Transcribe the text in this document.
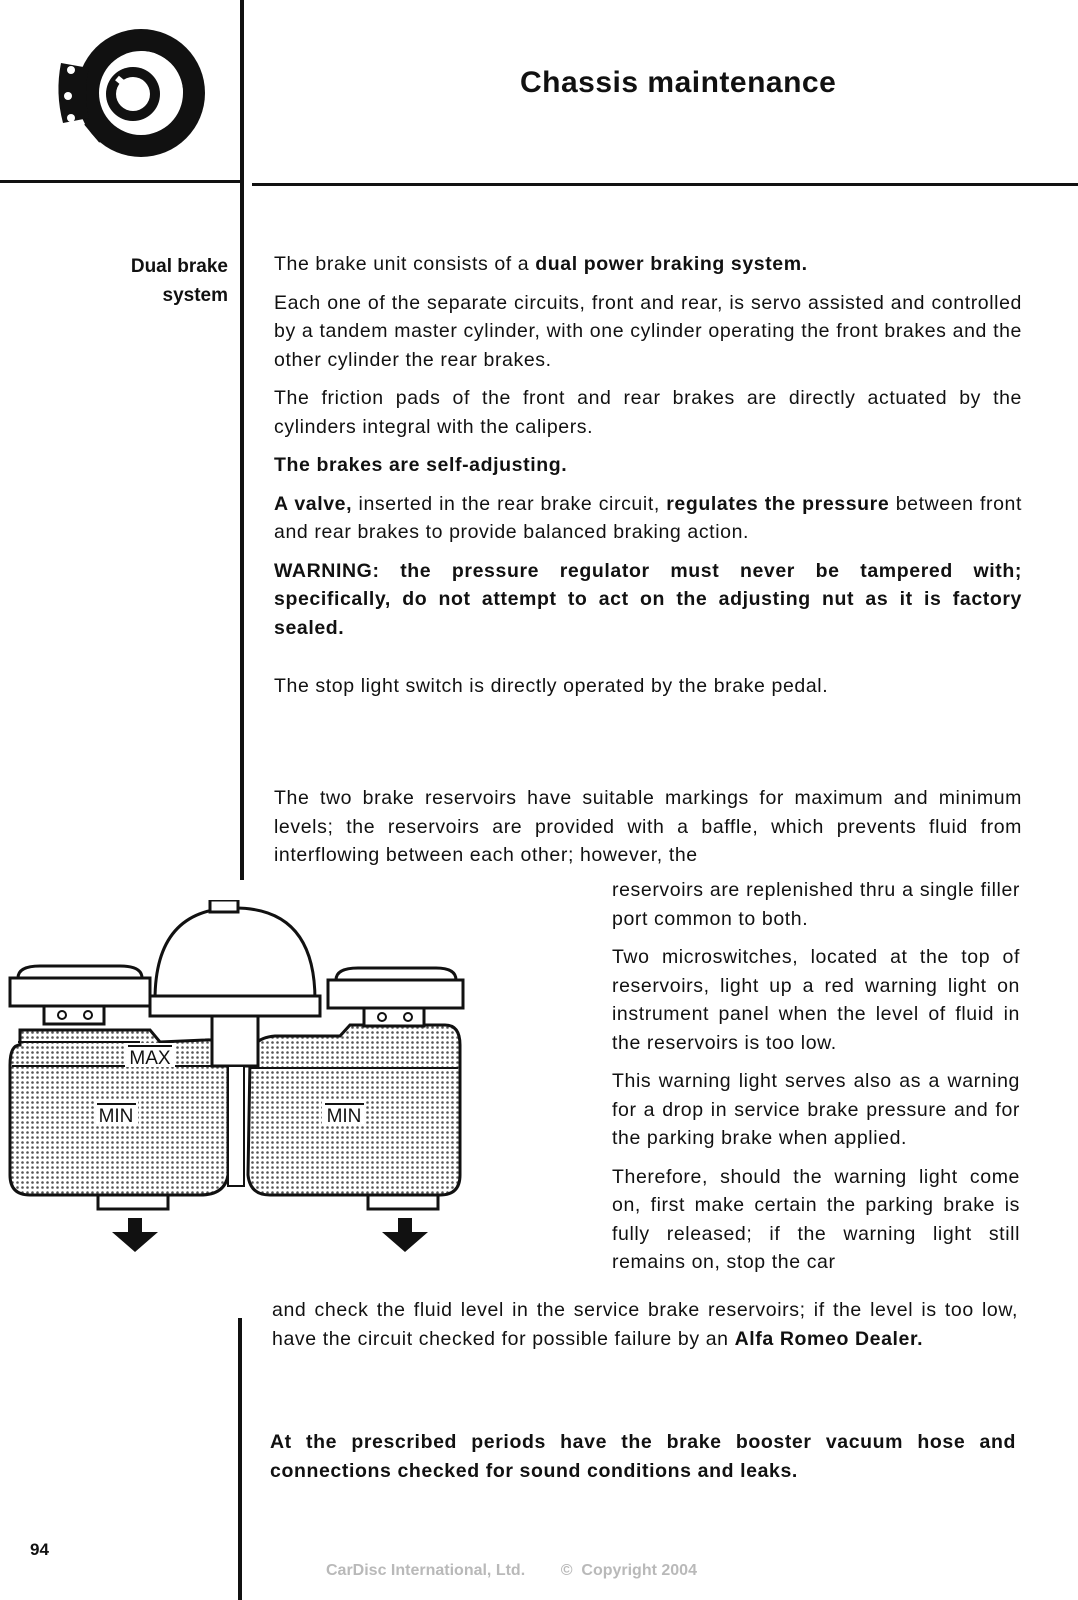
Chassis maintenance
Dual brake
system

The brake unit consists of a dual power braking system.

Each one of the separate circuits, front and rear, is servo assisted and controlled by a tandem master cylinder, with one cylinder operating the front brakes and the other cylinder the rear brakes.

The friction pads of the front and rear brakes are directly actuated by the cylinders integral with the calipers.

The brakes are self-adjusting.

A valve, inserted in the rear brake circuit, regulates the pressure between front and rear brakes to provide balanced braking action.

WARNING: the pressure regulator must never be tampered with; specifically, do not attempt to act on the adjusting nut as it is factory sealed.

The stop light switch is directly operated by the brake pedal.
The two brake reservoirs have suitable markings for maximum and minimum levels; the reservoirs are provided with a baffle, which prevents fluid from interflowing between each other; however, the

reservoirs are replenished thru a single filler port common to both.

Two microswitches, located at the top of reservoirs, light up a red warning light on instrument panel when the level of fluid in the reservoirs is too low.

This warning light serves also as a warning for a drop in service brake pressure and for the parking brake when applied.

Therefore, should the warning light come on, first make certain the parking brake is fully released; if the warning light still remains on, stop the car

and check the fluid level in the service brake reservoirs; if the level is too low, have the circuit checked for possible failure by an Alfa Romeo Dealer.
At the prescribed periods have the brake booster vacuum hose and connections checked for sound conditions and leaks.
MAX
MIN	MIN
94
CarDisc International, Ltd.        ©  Copyright 2004
